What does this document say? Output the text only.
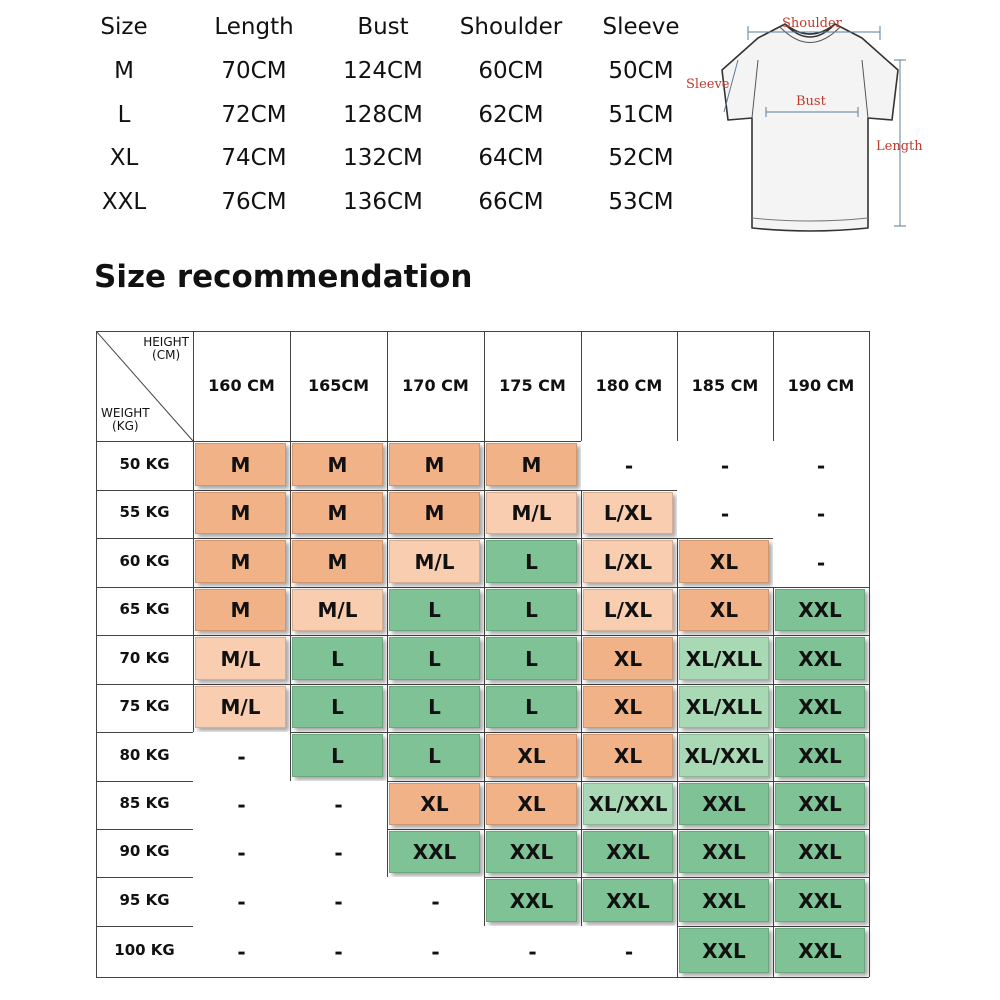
Size	Length	Bust	Shoulder	Sleeve
M	70CM	124CM	60CM	50CM
L	72CM	128CM	62CM	51CM
XL	74CM	132CM	64CM	52CM
XXL	76CM	136CM	66CM	53CM
Shoulder
Sleeve
Bust
Length
Size recommendation
HEIGHT
(CM)
WEIGHT
(KG)
160 CM	165CM	170 CM	175 CM	180 CM	185 CM	190 CM
50 KG	M	M	M	M	-	-	-
55 KG	M	M	M	M/L	L/XL	-	-
60 KG	M	M	M/L	L	L/XL	XL	-
65 KG	M	M/L	L	L	L/XL	XL	XXL
70 KG	M/L	L	L	L	XL	XL/XLL	XXL
75 KG	M/L	L	L	L	XL	XL/XLL	XXL
80 KG	-	L	L	XL	XL	XL/XXL	XXL
85 KG	-	-	XL	XL	XL/XXL	XXL	XXL
90 KG	-	-	XXL	XXL	XXL	XXL	XXL
95 KG	-	-	-	XXL	XXL	XXL	XXL
100 KG	-	-	-	-	-	XXL	XXL
